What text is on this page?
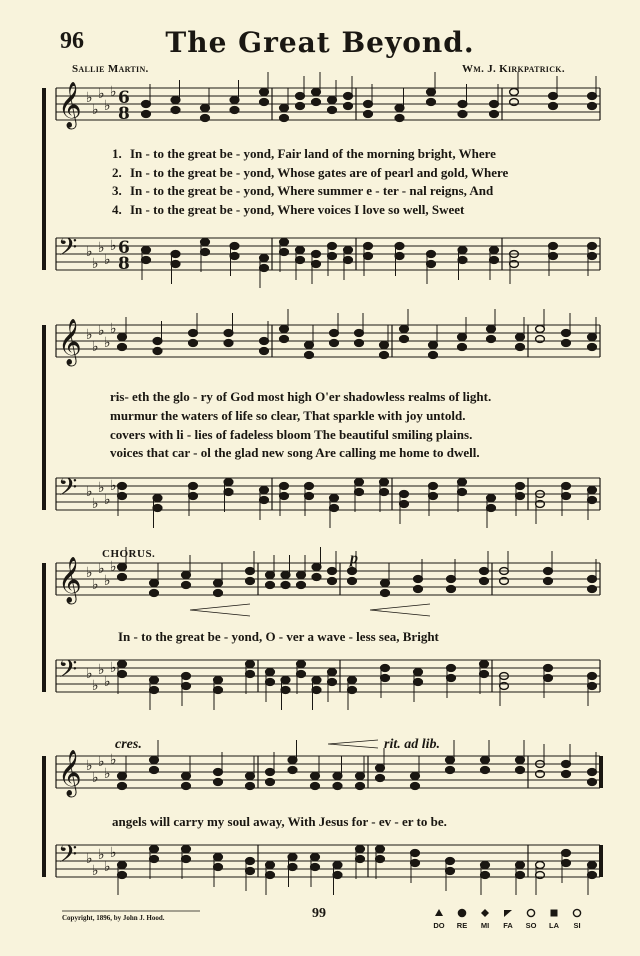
𝄞 ♭
♭
♭
♭
♭ 6
8
𝄢 ♭
♭
♭
♭
♭ 6
8
𝄞 ♭
♭
♭
♭
♭
𝄢 ♭
♭
♭
♭
♭
𝄞 ♭
♭
♭
♭
♭
𝄢 ♭
♭
♭
♭
♭
𝄞 ♭
♭
♭
♭
♭
𝄢 ♭
♭
♭
♭
♭
96	The Great Beyond.
Sallie Martin.	Wm. J. Kirkpatrick.
1. In - to the great be - yond, Fair land of the morning bright, Where
2. In - to the great be - yond, Whose gates are of pearl and gold, Where
3. In - to the great be - yond, Where summer e - ter - nal reigns, And
4. In - to the great be - yond, Where voices I love so well, Sweet
ris- eth the glo - ry of God most high O'er shadowless realms of light.
murmur the waters of life so clear, That sparkle with joy untold.
covers with li - lies of fadeless bloom The beautiful smiling plains.
voices that car - ol the glad new song Are calling me home to dwell.
CHORUS.	p
In - to the great be - yond, O - ver a wave - less sea, Bright
cres.	rit. ad lib.
angels will carry my soul away, With Jesus for - ev - er to be.
Copyright, 1896, by John J. Hood.	99
DO	RE	MI	FA	SO	LA	SI
